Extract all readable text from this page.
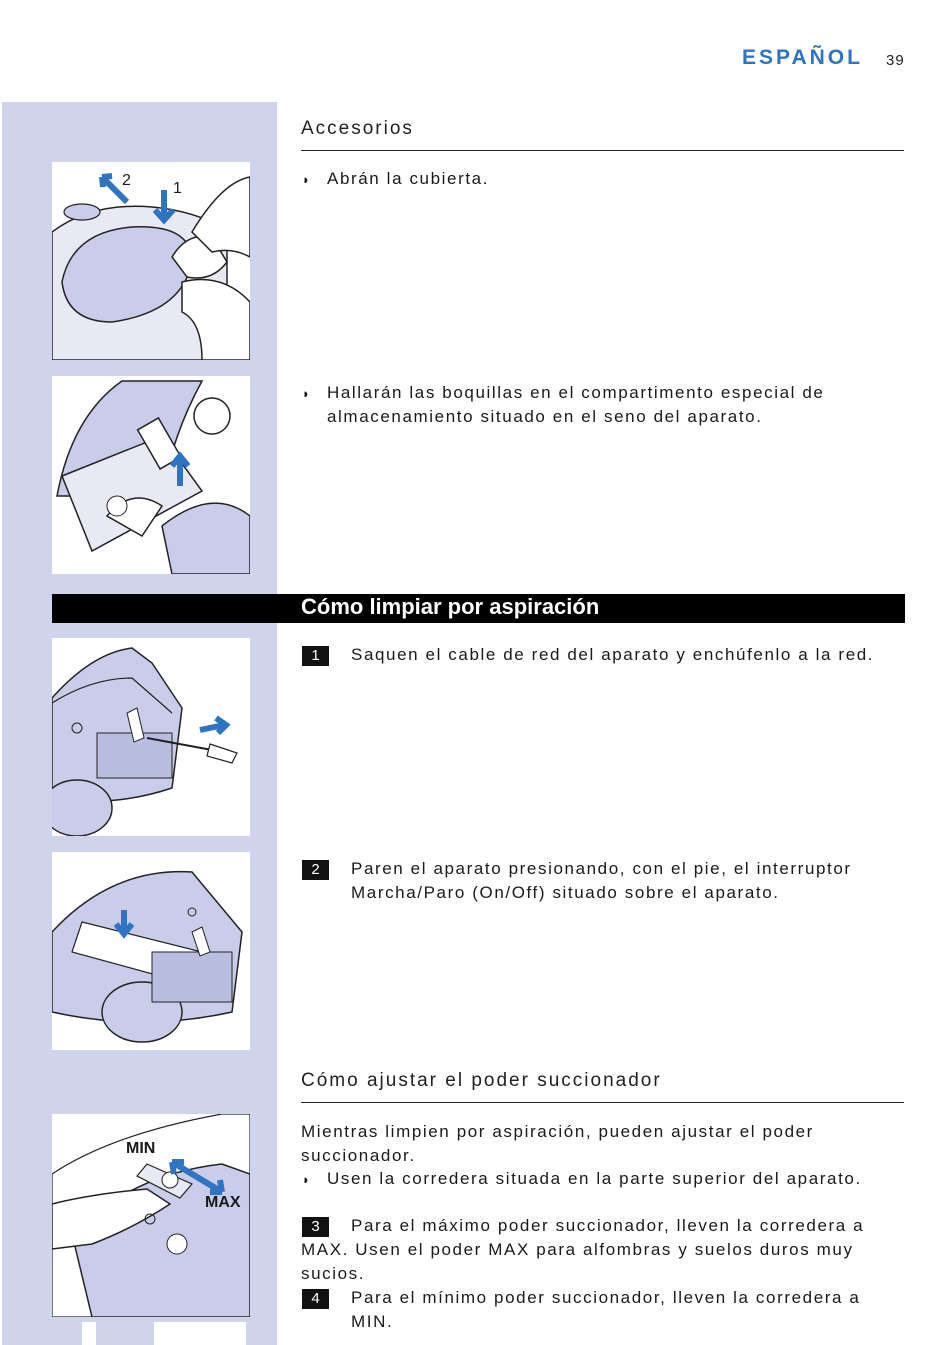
ESPAÑOL 39
Accesorios
◗ Abrán la cubierta.
◗ Hallarán las boquillas en el compartimento especial de almacenamiento situado en el seno del aparato.
2	1
Cómo limpiar por aspiración
1	Saquen el cable de red del aparato y enchúfenlo a la red.
2	Paren el aparato presionando, con el pie, el interruptor Marcha/Paro (On/Off) situado sobre el aparato.
Cómo ajustar el poder succionador
Mientras limpien por aspiración, pueden ajustar el poder succionador.
◗ Usen la corredera situada en la parte superior del aparato.
3	Para el máximo poder succionador, lleven la corredera a MAX. Usen el poder MAX para alfombras y suelos duros muy sucios.
4	Para el mínimo poder succionador, lleven la corredera a MIN.
MIN
MAX
